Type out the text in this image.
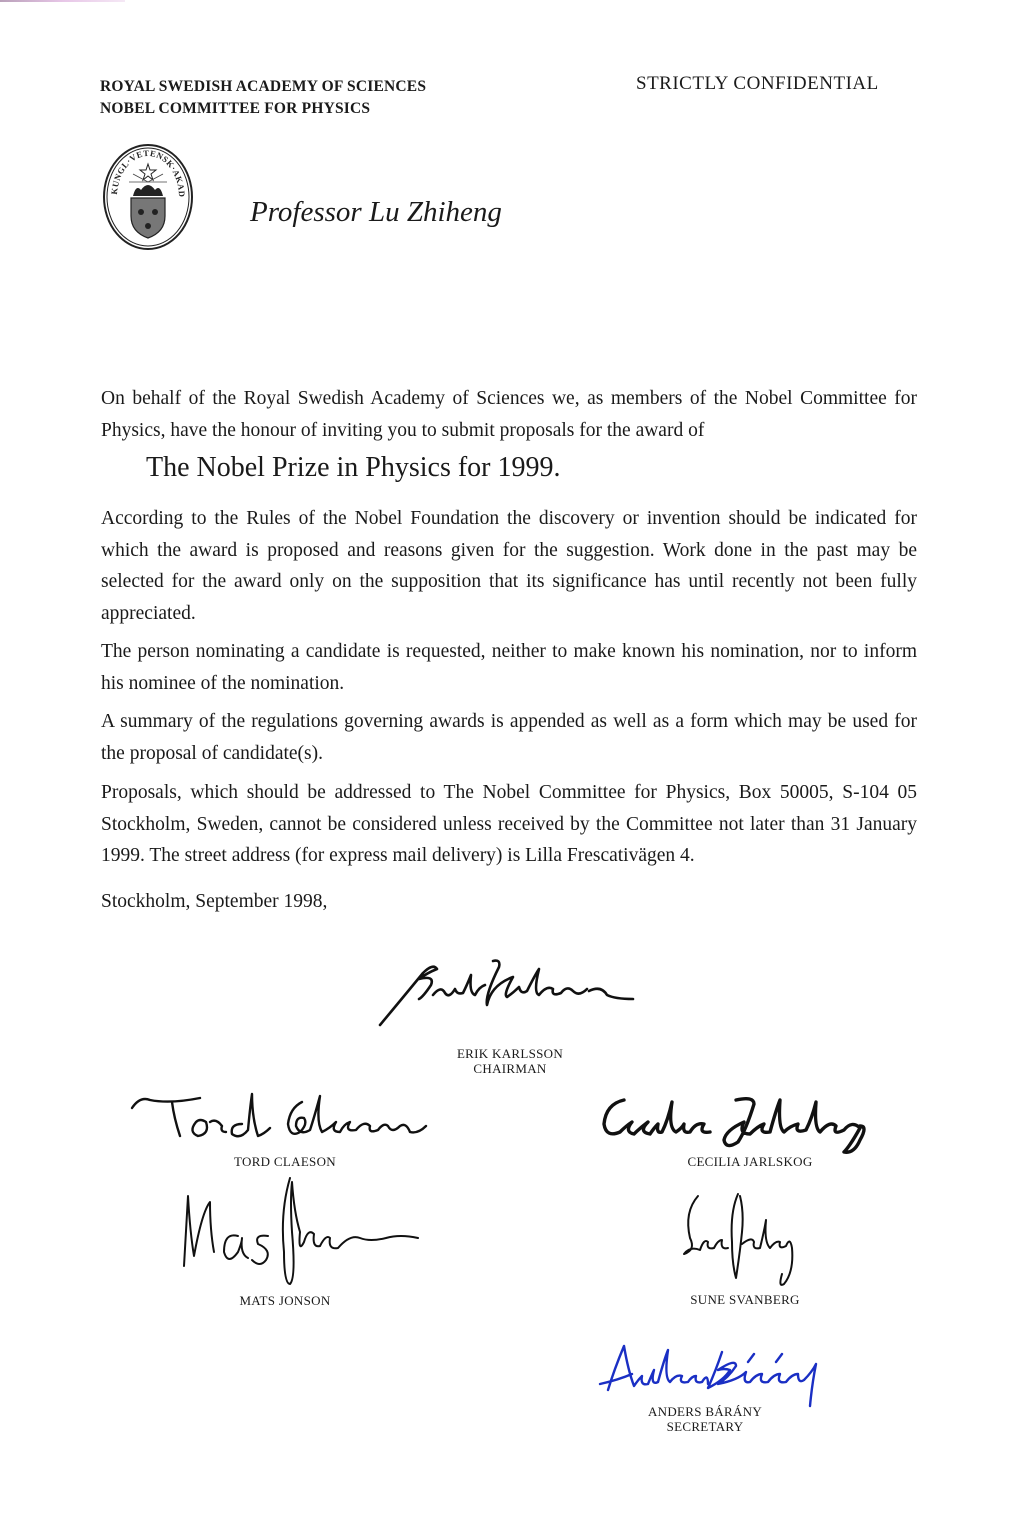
ROYAL SWEDISH ACADEMY OF SCIENCES
NOBEL COMMITTEE FOR PHYSICS
STRICTLY CONFIDENTIAL
KUNGL·VETENSK·AKAD
Professor Lu Zhiheng
On behalf of the Royal Swedish Academy of Sciences we, as members of the Nobel Committee for Physics, have the honour of inviting you to submit proposals for the award of
The Nobel Prize in Physics for 1999.
According to the Rules of the Nobel Foundation the discovery or invention should be indicated for which the award is proposed and reasons given for the suggestion. Work done in the past may be selected for the award only on the supposition that its significance has until recently not been fully appreciated.
The person nominating a candidate is requested, neither to make known his nomination, nor to inform his nominee of the nomination.
A summary of the regulations governing awards is appended as well as a form which may be used for the proposal of candidate(s).
Proposals, which should be addressed to The Nobel Committee for Physics, Box 50005, S-104 05 Stockholm, Sweden, cannot be considered unless received by the Committee not later than 31 January 1999. The street address (for express mail delivery) is Lilla Frescativägen 4.
Stockholm, September 1998,
ERIK KARLSSON
CHAIRMAN
TORD CLAESON	CECILIA JARLSKOG
MATS JONSON	SUNE SVANBERG
ANDERS BÁRÁNY
SECRETARY
